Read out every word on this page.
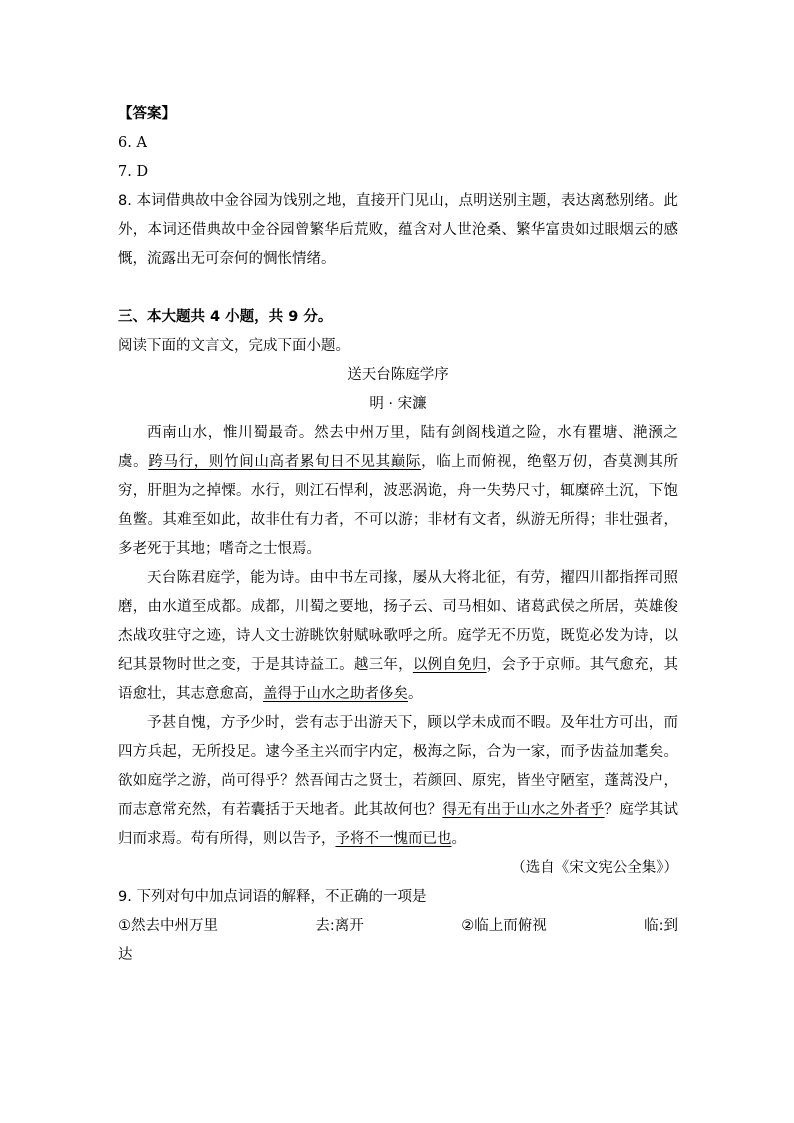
【答案】
6. A
7. D
8. 本词借典故中金谷园为饯别之地，直接开门见山，点明送别主题，表达离愁别绪。此外，本词还借典故中金谷园曾繁华后荒败，蕴含对人世沧桑、繁华富贵如过眼烟云的感慨，流露出无可奈何的惆怅情绪。
三、本大题共 4 小题，共 9 分。
阅读下面的文言文，完成下面小题。
送天台陈庭学序
明 · 宋濂
西南山水，惟川蜀最奇。然去中州万里，陆有剑阁栈道之险，水有瞿塘、滟滪之虞。跨马行，则竹间山高者累旬日不见其巅际，临上而俯视，绝壑万仞，杳莫测其所穷，肝胆为之掉慄。水行，则江石悍利，波恶涡诡，舟一失势尺寸，辄糜碎土沉，下饱鱼鳖。其难至如此，故非仕有力者，不可以游；非材有文者，纵游无所得；非壮强者，多老死于其地；嗜奇之士恨焉。
天台陈君庭学，能为诗。由中书左司掾，屡从大将北征，有劳，擢四川都指挥司照磨，由水道至成都。成都，川蜀之要地，扬子云、司马相如、诸葛武侯之所居，英雄俊杰战攻驻守之迹，诗人文士游眺饮射赋咏歌呼之所。庭学无不历览，既览必发为诗，以纪其景物时世之变，于是其诗益工。越三年，以例自免归，会予于京师。其气愈充，其语愈壮，其志意愈高，盖得于山水之助者侈矣。
予甚自愧，方予少时，尝有志于出游天下，顾以学未成而不暇。及年壮方可出，而四方兵起，无所投足。逮今圣主兴而宇内定，极海之际，合为一家，而予齿益加耄矣。欲如庭学之游，尚可得乎？然吾闻古之贤士，若颜回、原宪，皆坐守陋室，蓬蒿没户，而志意常充然，有若囊括于天地者。此其故何也？得无有出于山水之外者乎？庭学其试归而求焉。苟有所得，则以告予，予将不一愧而已也。
（选自《宋文宪公全集》）
9. 下列对句中加点词语的解释，不正确的一项是
①然去中州万里	去:离开	②临上而俯视	临:到
达
